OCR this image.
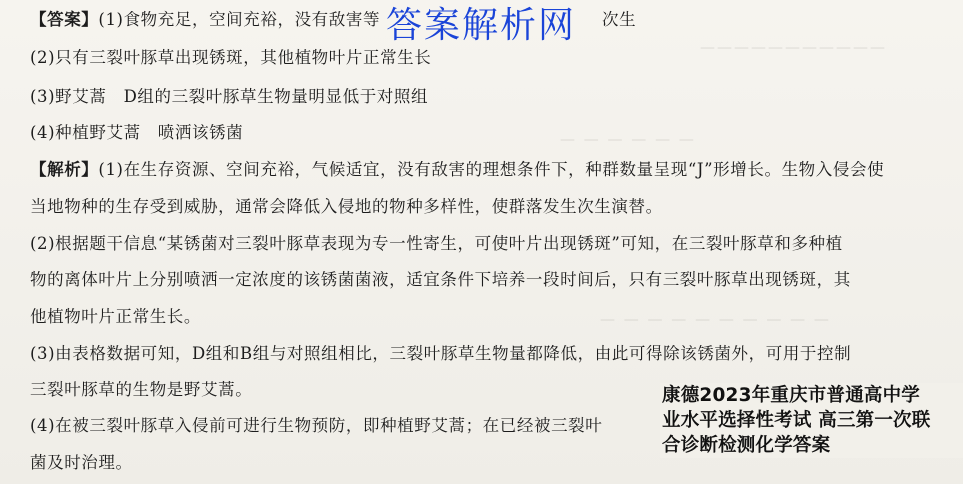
———————————
— — — — — —
— — — — — — — — — —
【答案】(1)食物充足，空间充裕，没有敌害等	次生
(2)只有三裂叶豚草出现锈斑，其他植物叶片正常生长
(3)野艾蒿　D组的三裂叶豚草生物量明显低于对照组
(4)种植野艾蒿　喷洒该锈菌
【解析】(1)在生存资源、空间充裕，气候适宜，没有敌害的理想条件下，种群数量呈现“J”形增长。生物入侵会使
当地物种的生存受到威胁，通常会降低入侵地的物种多样性，使群落发生次生演替。
(2)根据题干信息“某锈菌对三裂叶豚草表现为专一性寄生，可使叶片出现锈斑”可知，在三裂叶豚草和多种植
物的离体叶片上分别喷洒一定浓度的该锈菌菌液，适宜条件下培养一段时间后，只有三裂叶豚草出现锈斑，其
他植物叶片正常生长。
(3)由表格数据可知，D组和B组与对照组相比，三裂叶豚草生物量都降低，由此可得除该锈菌外，可用于控制
三裂叶豚草的生物是野艾蒿。
(4)在被三裂叶豚草入侵前可进行生物预防，即种植野艾蒿；在已经被三裂叶
菌及时治理。
答案解析网
康德2023年重庆市普通高中学
业水平选择性考试 高三第一次联
合诊断检测化学答案
